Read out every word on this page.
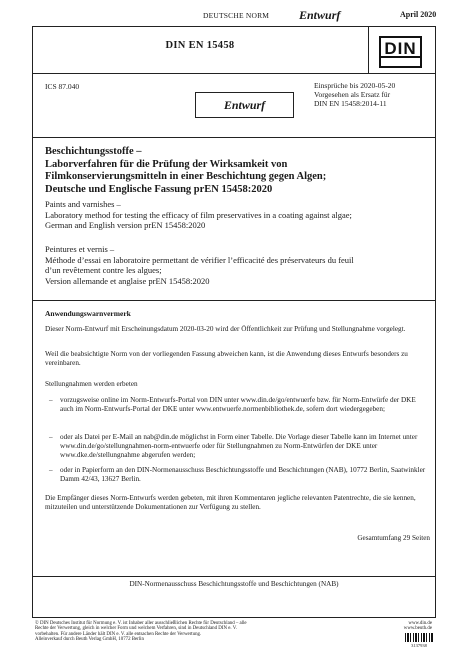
DEUTSCHE NORM Entwurf	April 2020
DIN EN 15458	DIN
ICS 87.040	Einsprüche bis 2020-05-20
Vorgesehen als Ersatz für
DIN EN 15458:2014-11
Entwurf
Beschichtungsstoffe –
Laborverfahren für die Prüfung der Wirksamkeit von
Filmkonservierungsmitteln in einer Beschichtung gegen Algen;
Deutsche und Englische Fassung prEN 15458:2020
Paints and varnishes –
Laboratory method for testing the efficacy of film preservatives in a coating against algae;
German and English version prEN 15458:2020
Peintures et vernis –
Méthode d’essai en laboratoire permettant de vérifier l’efficacité des préservateurs du feuil
d’un revêtement contre les algues;
Version allemande et anglaise prEN 15458:2020
Anwendungswarnvermerk
Dieser Norm-Entwurf mit Erscheinungsdatum 2020-03-20 wird der Öffentlichkeit zur Prüfung und Stellungnahme vorgelegt.
Weil die beabsichtigte Norm von der vorliegenden Fassung abweichen kann, ist die Anwendung dieses Entwurfs besonders zu vereinbaren.
Stellungnahmen werden erbeten
– vorzugsweise online im Norm-Entwurfs-Portal von DIN unter www.din.de/go/entwuerfe bzw. für Norm-Entwürfe der DKE auch im Norm-Entwurfs-Portal der DKE unter www.entwuerfe.normenbibliothek.de, sofern dort wiedergegeben;
– oder als Datei per E-Mail an nab@din.de möglichst in Form einer Tabelle. Die Vorlage dieser Tabelle kann im Internet unter www.din.de/go/stellungnahmen-norm-entwuerfe oder für Stellungnahmen zu Norm-Entwürfen der DKE unter www.dke.de/stellungnahme abgerufen werden;
– oder in Papierform an den DIN-Normenausschuss Beschichtungsstoffe und Beschichtungen (NAB), 10772 Berlin, Saatwinkler Damm 42/43, 13627 Berlin.
Die Empfänger dieses Norm-Entwurfs werden gebeten, mit ihren Kommentaren jegliche relevanten Patentrechte, die sie kennen, mitzuteilen und unterstützende Dokumentationen zur Verfügung zu stellen.
Gesamtumfang 29 Seiten
DIN-Normenausschuss Beschichtungsstoffe und Beschichtungen (NAB)
© DIN Deutsches Institut für Normung e. V. ist Inhaber aller ausschließlichen Rechte für Deutschland – alle
Rechte der Verwertung, gleich in welcher Form und welchem Verfahren, sind in Deutschland DIN e. V.
vorbehalten. Für andere Länder hält DIN e. V. alle entsachen Rechte der Verwertung.
Alleinverkauf durch Beuth Verlag GmbH, 10772 Berlin
www.din.de
www.beuth.de
3137938
